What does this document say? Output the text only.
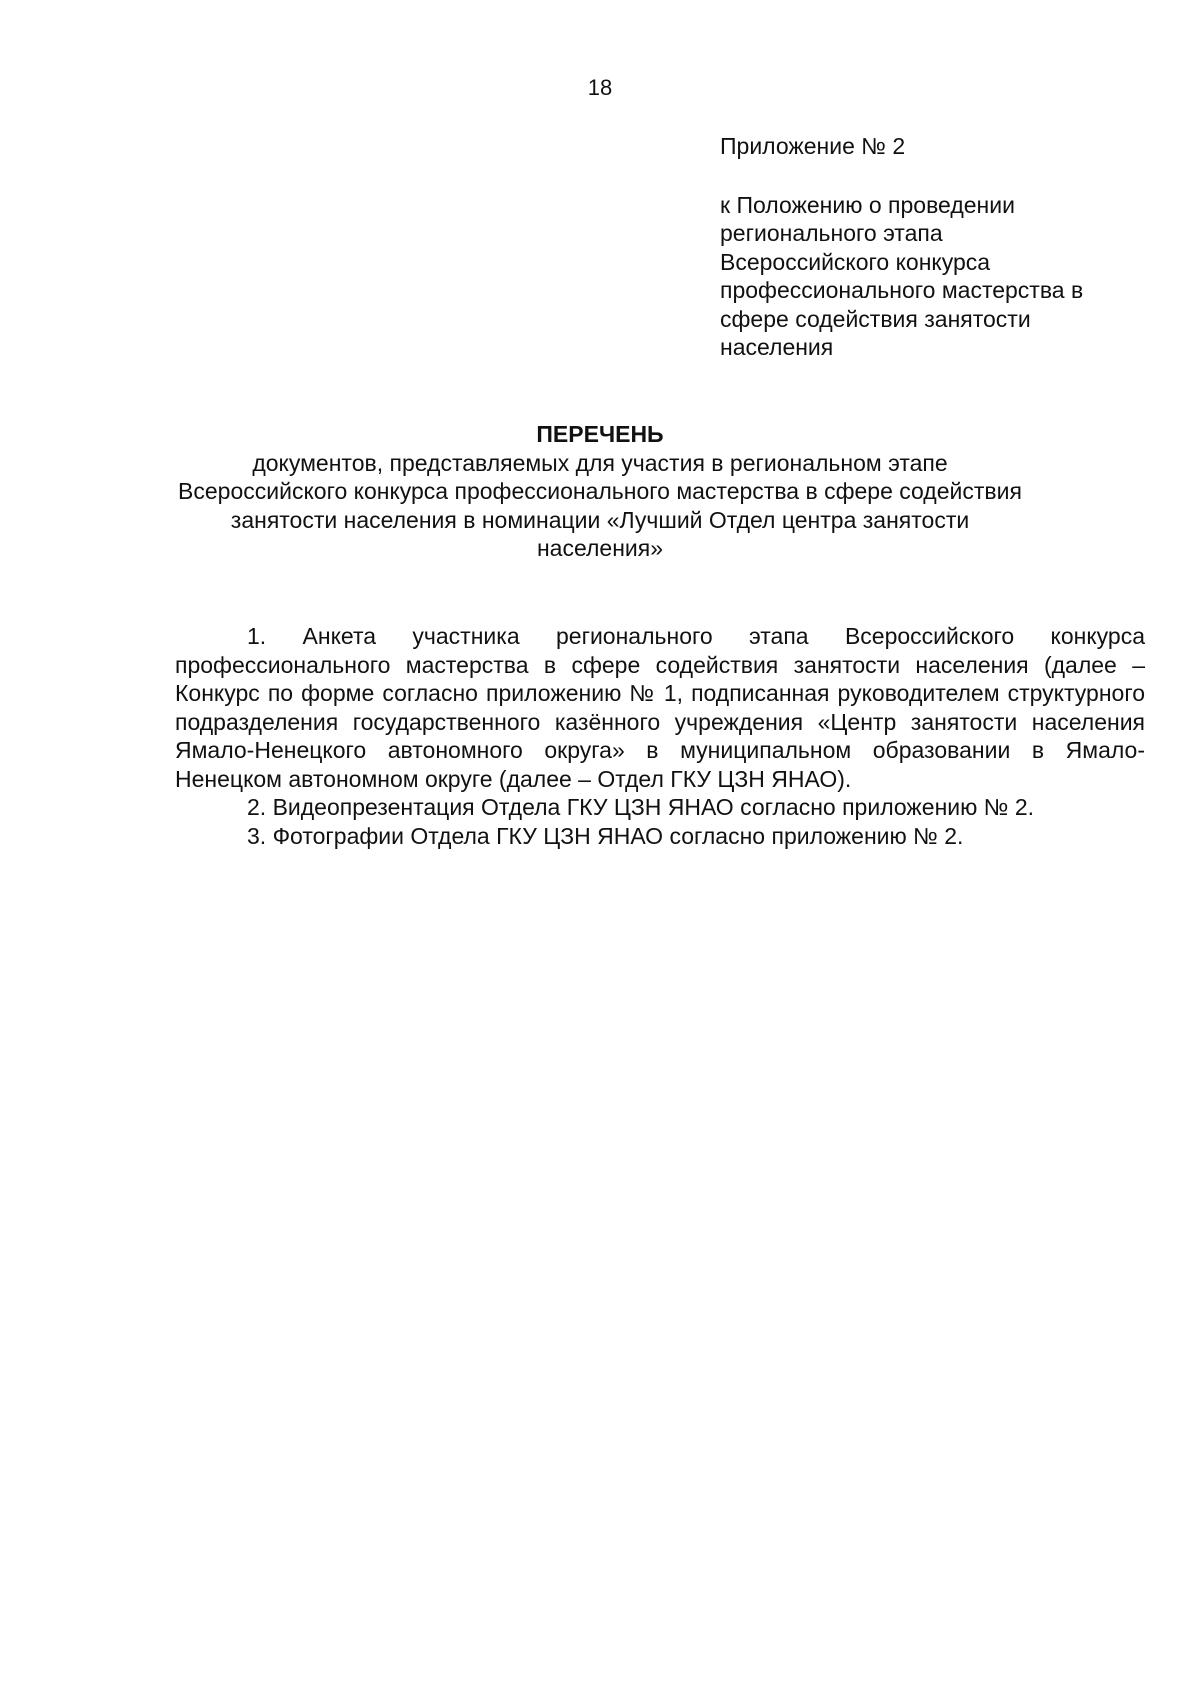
18

Приложение № 2

к Положению о проведении
регионального этапа
Всероссийского конкурса
профессионального мастерства в
сфере содействия занятости
населения

ПЕРЕЧЕНЬ

документов, представляемых для участия в региональном этапе
Всероссийского конкурса профессионального мастерства в сфере содействия
занятости населения в номинации «Лучший Отдел центра занятости
населения»

1. Анкета участника регионального этапа Всероссийского конкурса профессионального мастерства в сфере содействия занятости населения (далее – Конкурс по форме согласно приложению № 1, подписанная руководителем структурного подразделения государственного казённого учреждения «Центр занятости населения Ямало-Ненецкого автономного округа» в муниципальном образовании в Ямало-Ненецком автономном округе (далее – Отдел ГКУ ЦЗН ЯНАО).

2. Видеопрезентация Отдела ГКУ ЦЗН ЯНАО согласно приложению № 2.

3. Фотографии Отдела ГКУ ЦЗН ЯНАО согласно приложению № 2.
